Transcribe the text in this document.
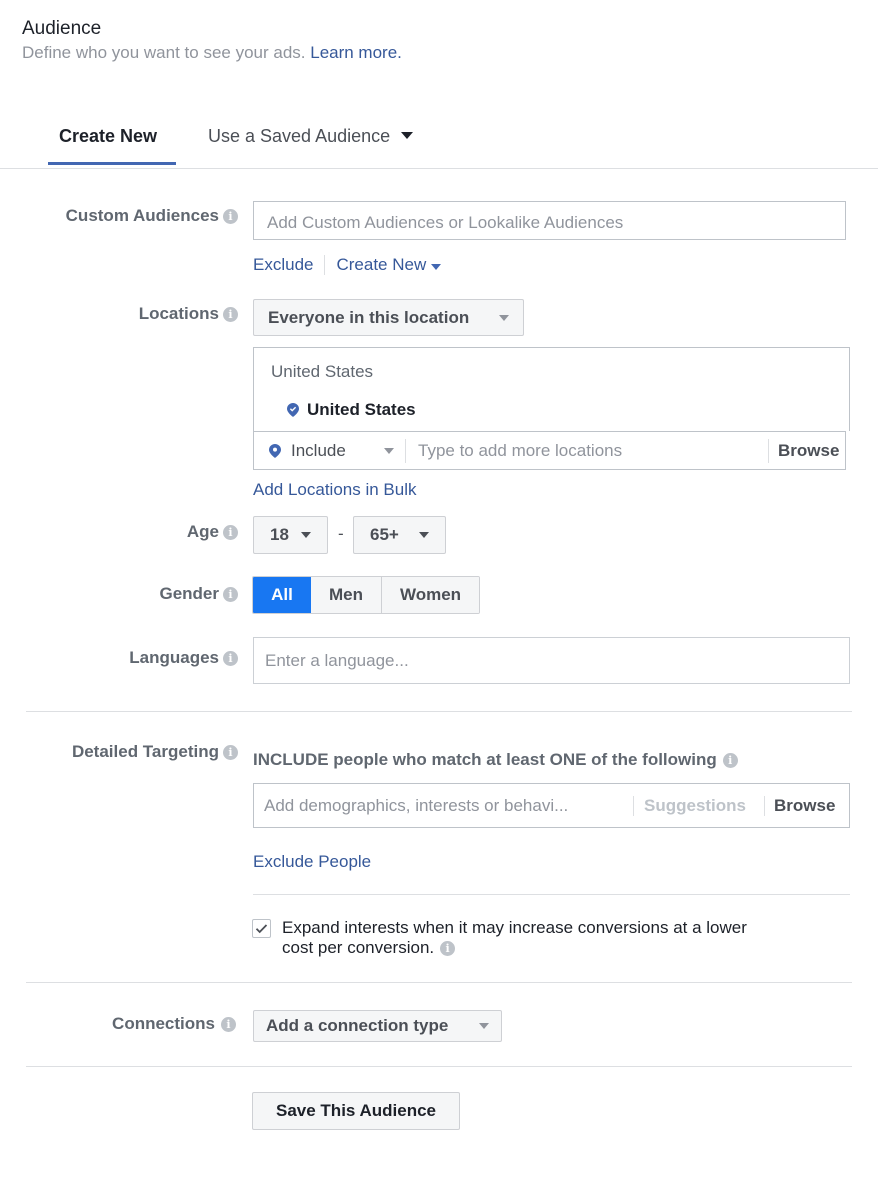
Audience
Define who you want to see your ads. Learn more.
Create New	Use a Saved Audience
Custom Audiences i	Add Custom Audiences or Lookalike Audiences
Exclude Create New
Locations i	Everyone in this location
United States
United States
Include	Type to add more locations	Browse
Add Locations in Bulk
Age i	18	- 65+
Gender i	All	Men	Women
Languages i	Enter a language...
Detailed Targeting i	INCLUDE people who match at least ONE of the following i
Add demographics, interests or behavi...	Suggestions	Browse
Exclude People
Expand interests when it may increase conversions at a lower
cost per conversion. i
Connections i	Add a connection type
Save This Audience
